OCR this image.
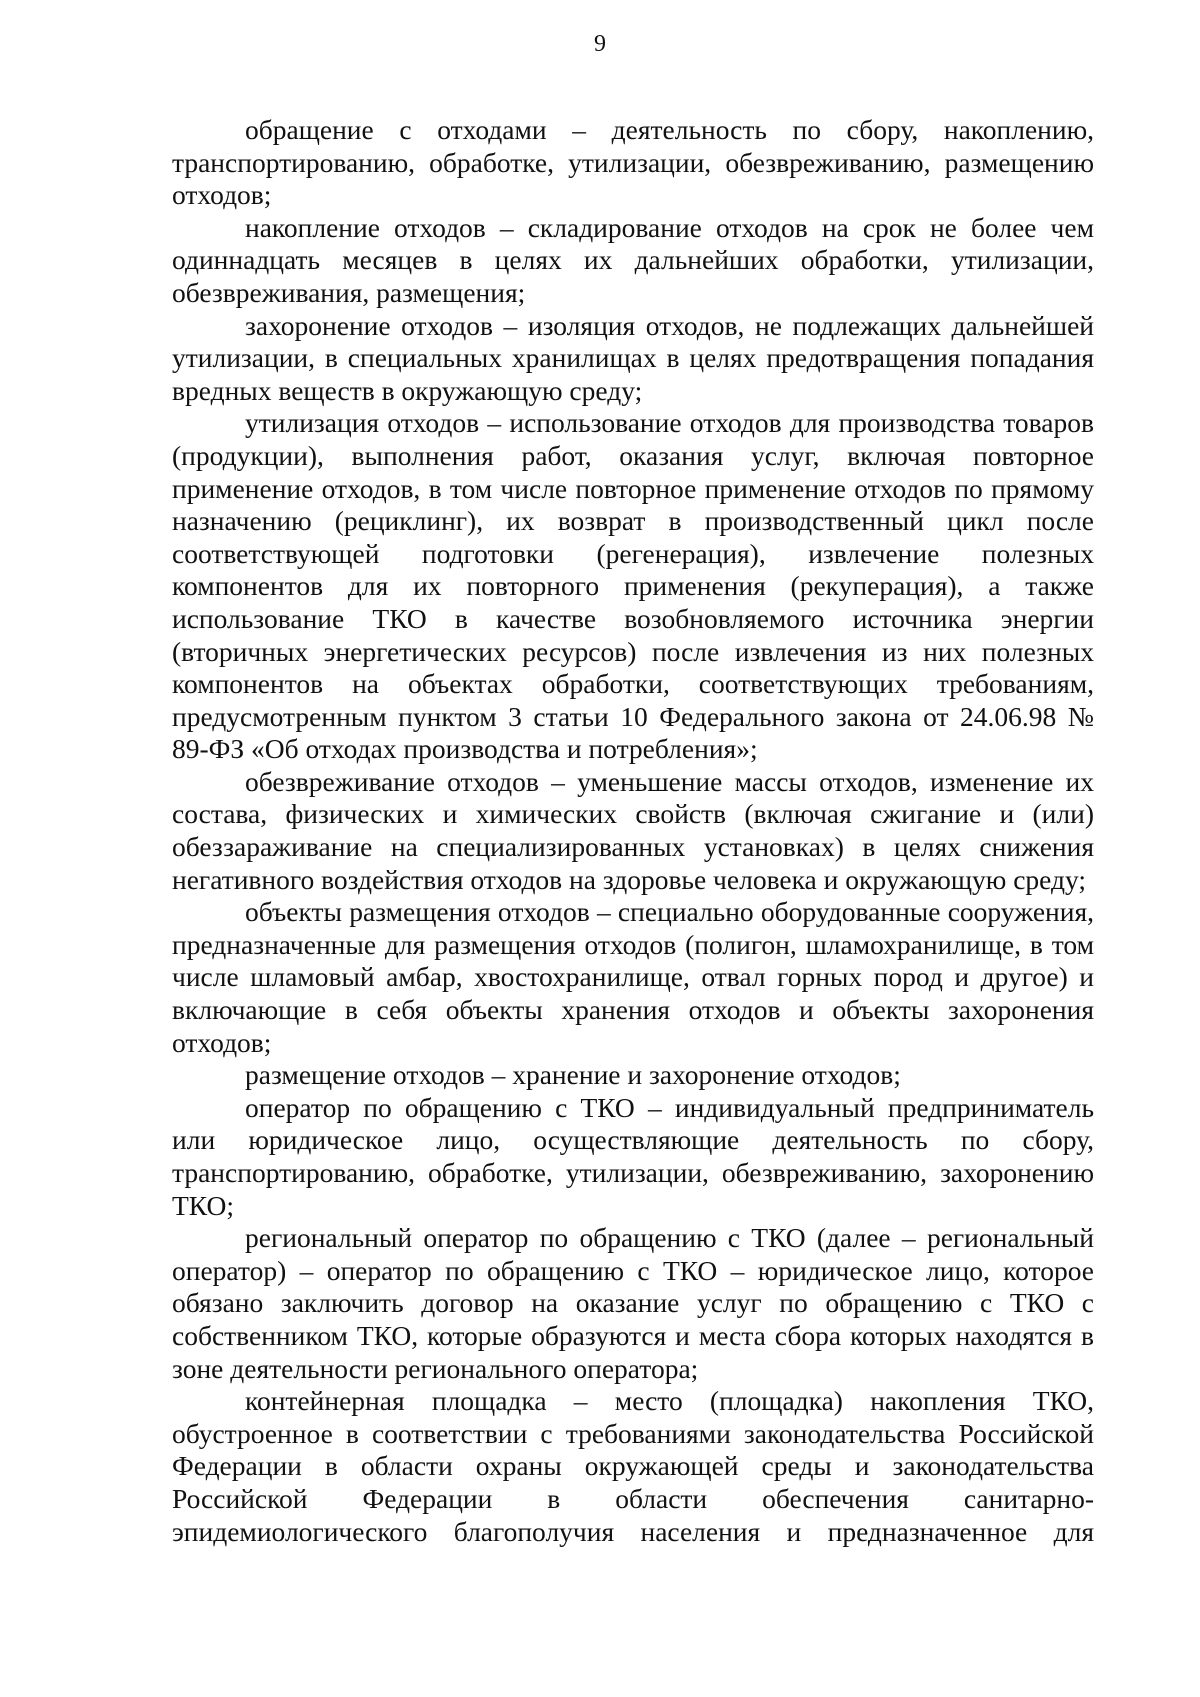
9

обращение с отходами – деятельность по сбору, накоплению, транспортированию, обработке, утилизации, обезвреживанию, размещению отходов;

накопление отходов – складирование отходов на срок не более чем одиннадцать месяцев в целях их дальнейших обработки, утилизации, обезвреживания, размещения;

захоронение отходов – изоляция отходов, не подлежащих дальнейшей утилизации, в специальных хранилищах в целях предотвращения попадания вредных веществ в окружающую среду;

утилизация отходов – использование отходов для производства товаров (продукции), выполнения работ, оказания услуг, включая повторное применение отходов, в том числе повторное применение отходов по прямому назначению (рециклинг), их возврат в производственный цикл после соответствующей подготовки (регенерация), извлечение полезных компонентов для их повторного применения (рекуперация), а также использование ТКО в качестве возобновляемого источника энергии (вторичных энергетических ресурсов) после извлечения из них полезных компонентов на объектах обработки, соответствующих требованиям, предусмотренным пунктом 3 статьи 10 Федерального закона от 24.06.98 № 89-ФЗ «Об отходах производства и потребления»;

обезвреживание отходов – уменьшение массы отходов, изменение их состава, физических и химических свойств (включая сжигание и (или) обеззараживание на специализированных установках) в целях снижения негативного воздействия отходов на здоровье человека и окружающую среду;

объекты размещения отходов – специально оборудованные сооружения, предназначенные для размещения отходов (полигон, шламохранилище, в том числе шламовый амбар, хвостохранилище, отвал горных пород и другое) и включающие в себя объекты хранения отходов и объекты захоронения отходов;

размещение отходов – хранение и захоронение отходов;

оператор по обращению с ТКО – индивидуальный предприниматель или юридическое лицо, осуществляющие деятельность по сбору, транспортированию, обработке, утилизации, обезвреживанию, захоронению ТКО;

региональный оператор по обращению с ТКО (далее – региональный оператор) – оператор по обращению с ТКО – юридическое лицо, которое обязано заключить договор на оказание услуг по обращению с ТКО с собственником ТКО, которые образуются и места сбора которых находятся в зоне деятельности регионального оператора;

контейнерная площадка – место (площадка) накопления ТКО, обустроенное в соответствии с требованиями законодательства Российской Федерации в области охраны окружающей среды и законодательства Российской Федерации в области обеспечения санитарно-эпидемиологического благополучия населения и предназначенное для
